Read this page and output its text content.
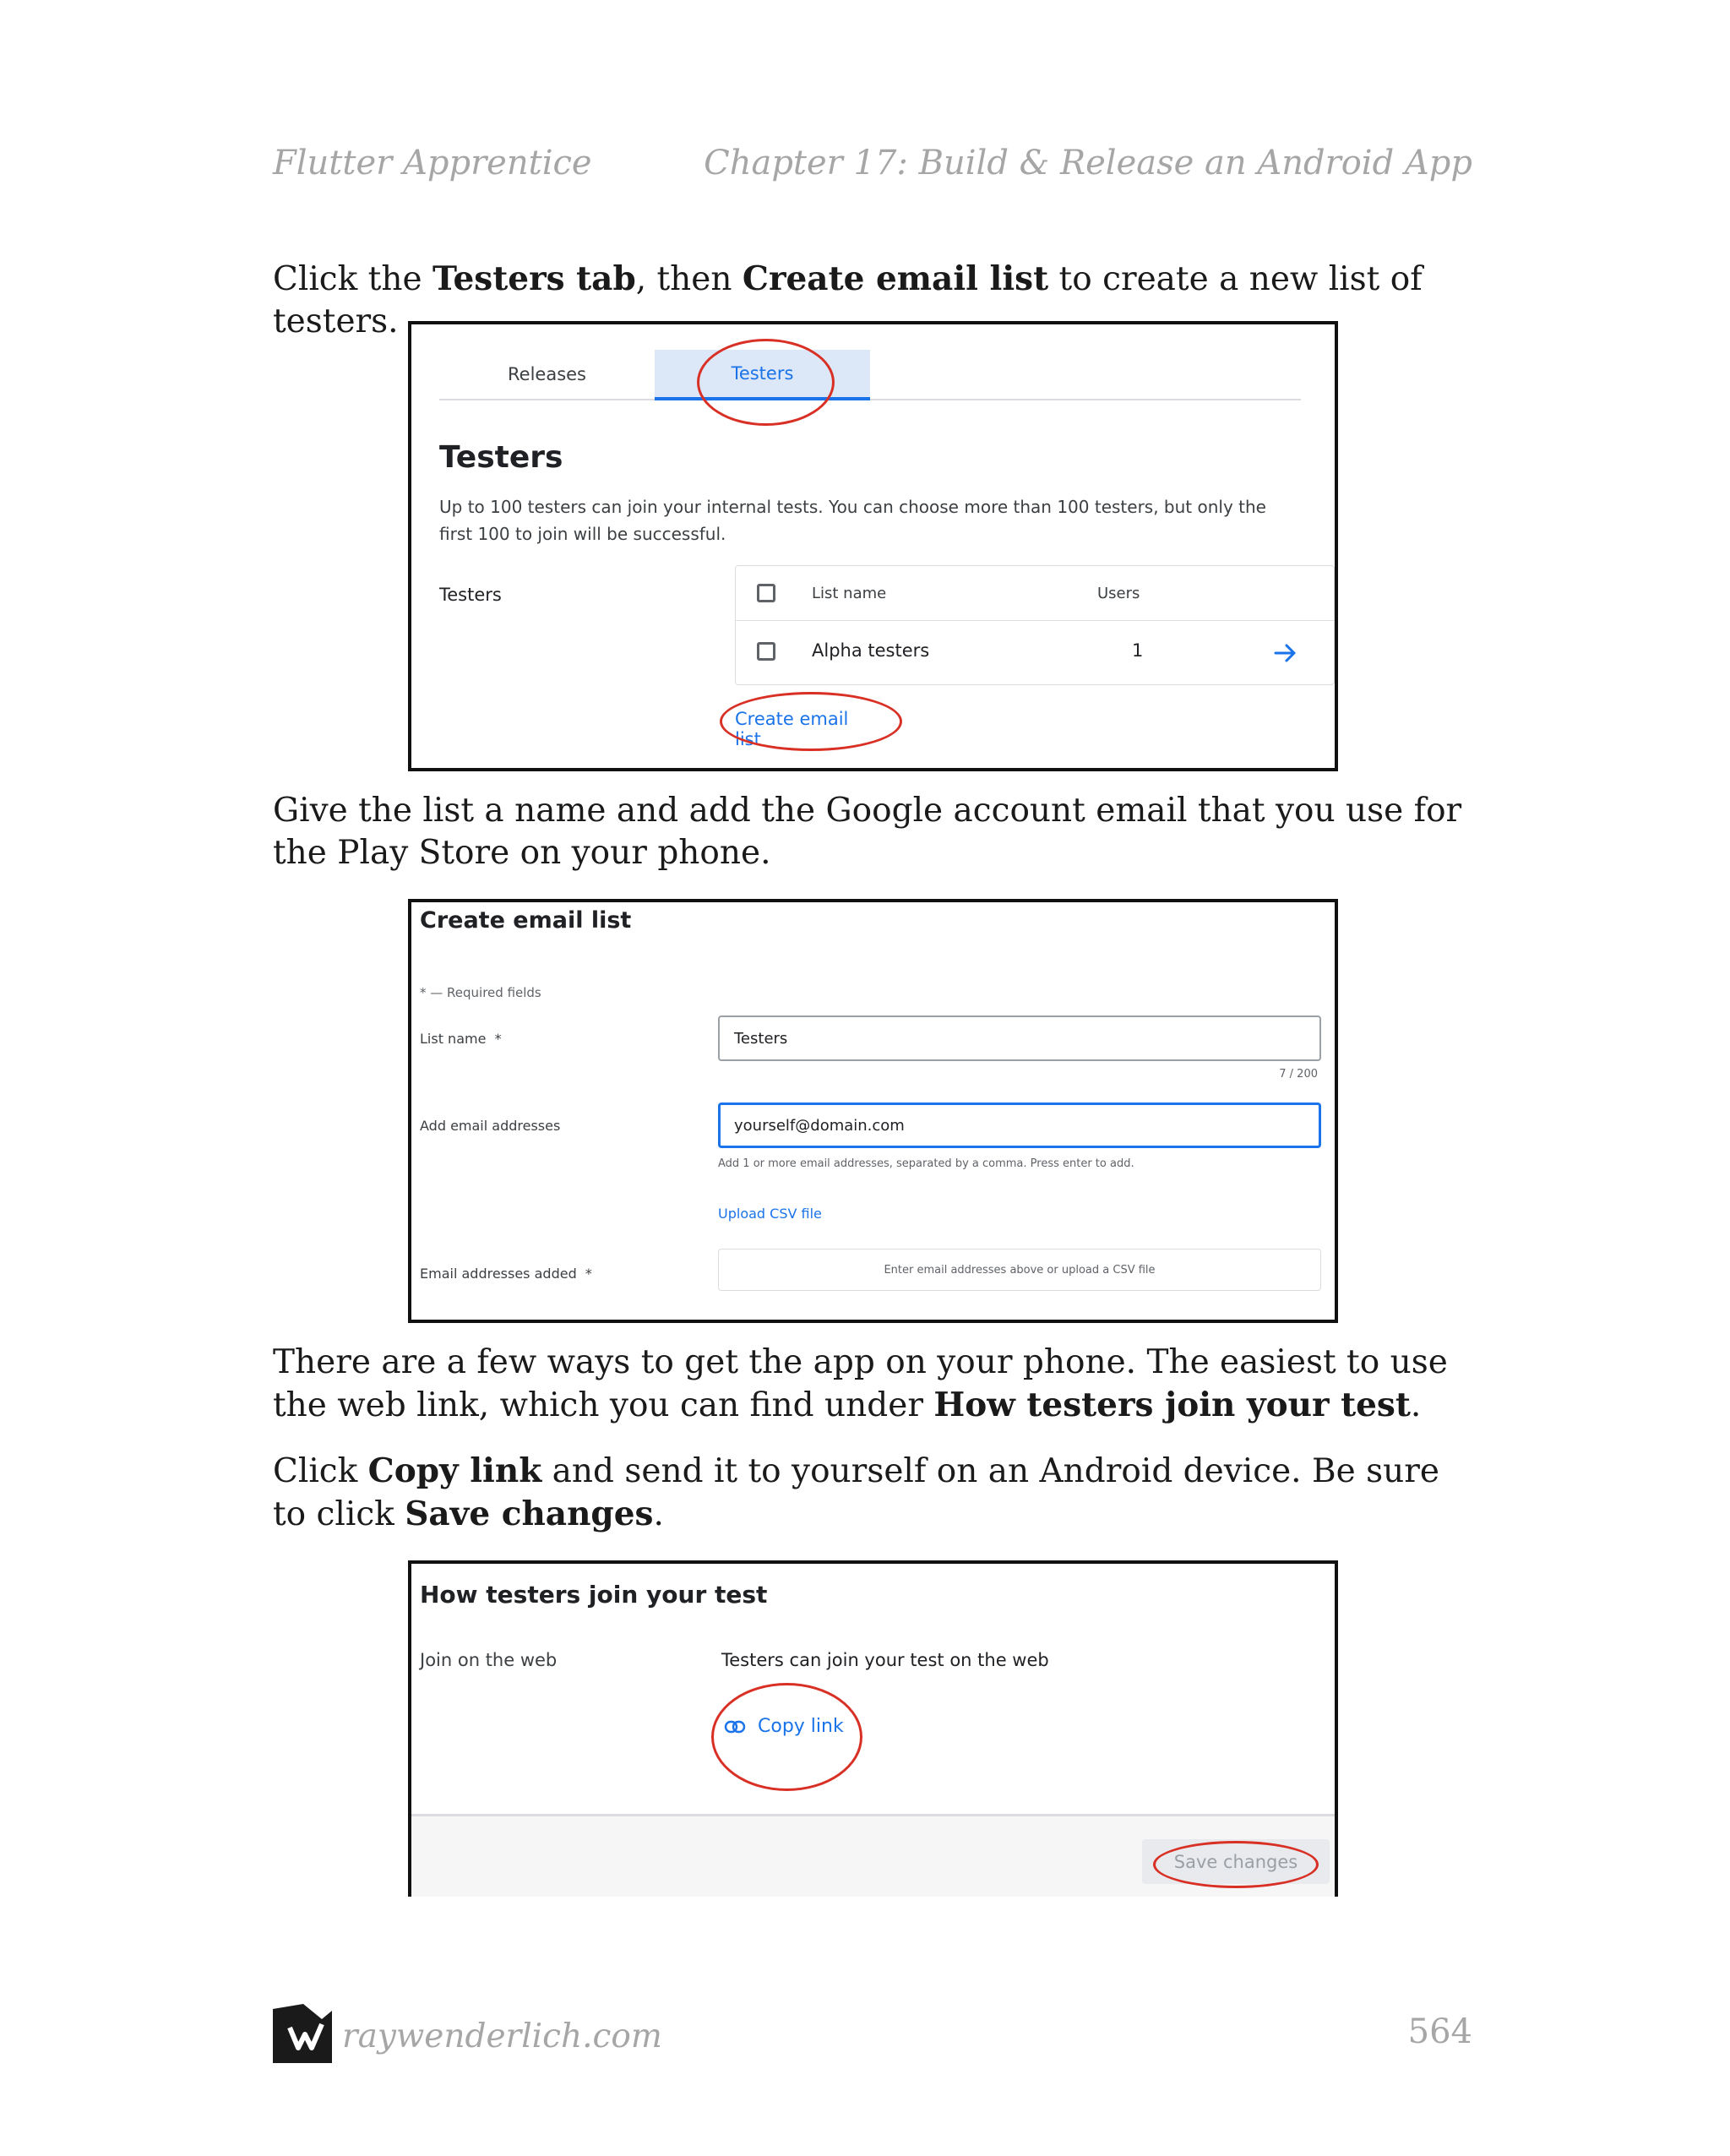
Flutter Apprentice	Chapter 17: Build & Release an Android App
Click the Testers tab, then Create email list to create a new list of testers.
Releases	Testers
Testers
Up to 100 testers can join your internal tests. You can choose more than 100 testers, but only the
first 100 to join will be successful.
Testers	List name	Users
Alpha testers	1
Create email list
Give the list a name and add the Google account email that you use for the Play Store on your phone.
Create email list
* — Required fields
List name *	Testers
7 / 200
Add email addresses	yourself@domain.com
Add 1 or more email addresses, separated by a comma. Press enter to add.
Upload CSV file
Email addresses added *	Enter email addresses above or upload a CSV file
There are a few ways to get the app on your phone. The easiest to use the web link, which you can find under How testers join your test.
Click Copy link and send it to yourself on an Android device. Be sure to click Save changes.
How testers join your test
Join on the web	Testers can join your test on the web
Copy link
Save changes
raywenderlich.com	564
